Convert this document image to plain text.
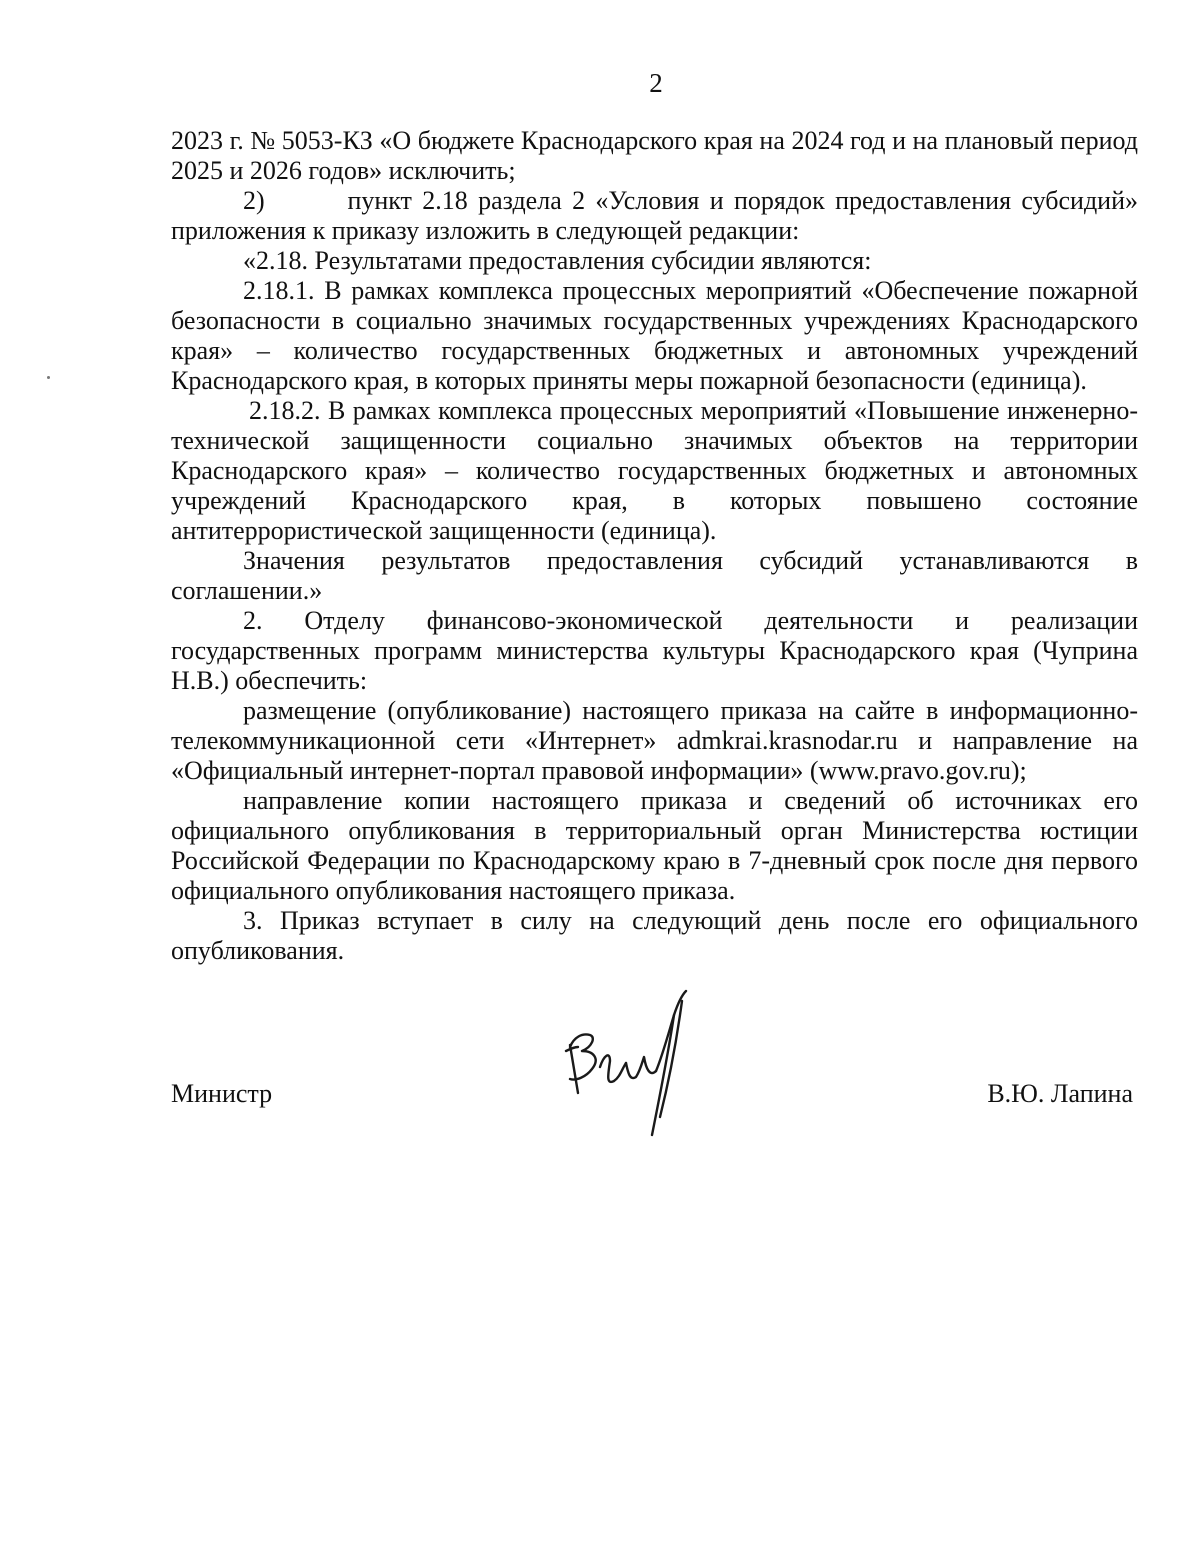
2

2023 г. № 5053-КЗ «О бюджете Краснодарского края на 2024 год и на плановый период 2025 и 2026 годов» исключить;

2)        пункт 2.18 раздела 2 «Условия и порядок предоставления субсидий» приложения к приказу изложить в следующей редакции:

«2.18. Результатами предоставления субсидии являются:

2.18.1. В рамках комплекса процессных мероприятий «Обеспечение пожарной безопасности в социально значимых государственных учреждениях Краснодарского края» – количество государственных бюджетных и автономных учреждений Краснодарского края, в которых приняты меры пожарной безопасности (единица).

2.18.2. В рамках комплекса процессных мероприятий «Повышение инженерно-технической защищенности социально значимых объектов на территории Краснодарского края» – количество государственных бюджетных и автономных учреждений Краснодарского края, в которых повышено состояние антитеррористической защищенности (единица).

Значения результатов предоставления субсидий устанавливаются в соглашении.»

2. Отделу финансово-экономической деятельности и реализации государственных программ министерства культуры Краснодарского края (Чуприна Н.В.) обеспечить:

размещение (опубликование) настоящего приказа на сайте в информационно-телекоммуникационной сети «Интернет» admkrai.krasnodar.ru и направление на «Официальный интернет-портал правовой информации» (www.pravo.gov.ru);

направление копии настоящего приказа и сведений об источниках его официального опубликования в территориальный орган Министерства юстиции Российской Федерации по Краснодарскому краю в 7-дневный срок после дня первого официального опубликования настоящего приказа.

3. Приказ вступает в силу на следующий день после его официального опубликования.

Министр	В.Ю. Лапина
